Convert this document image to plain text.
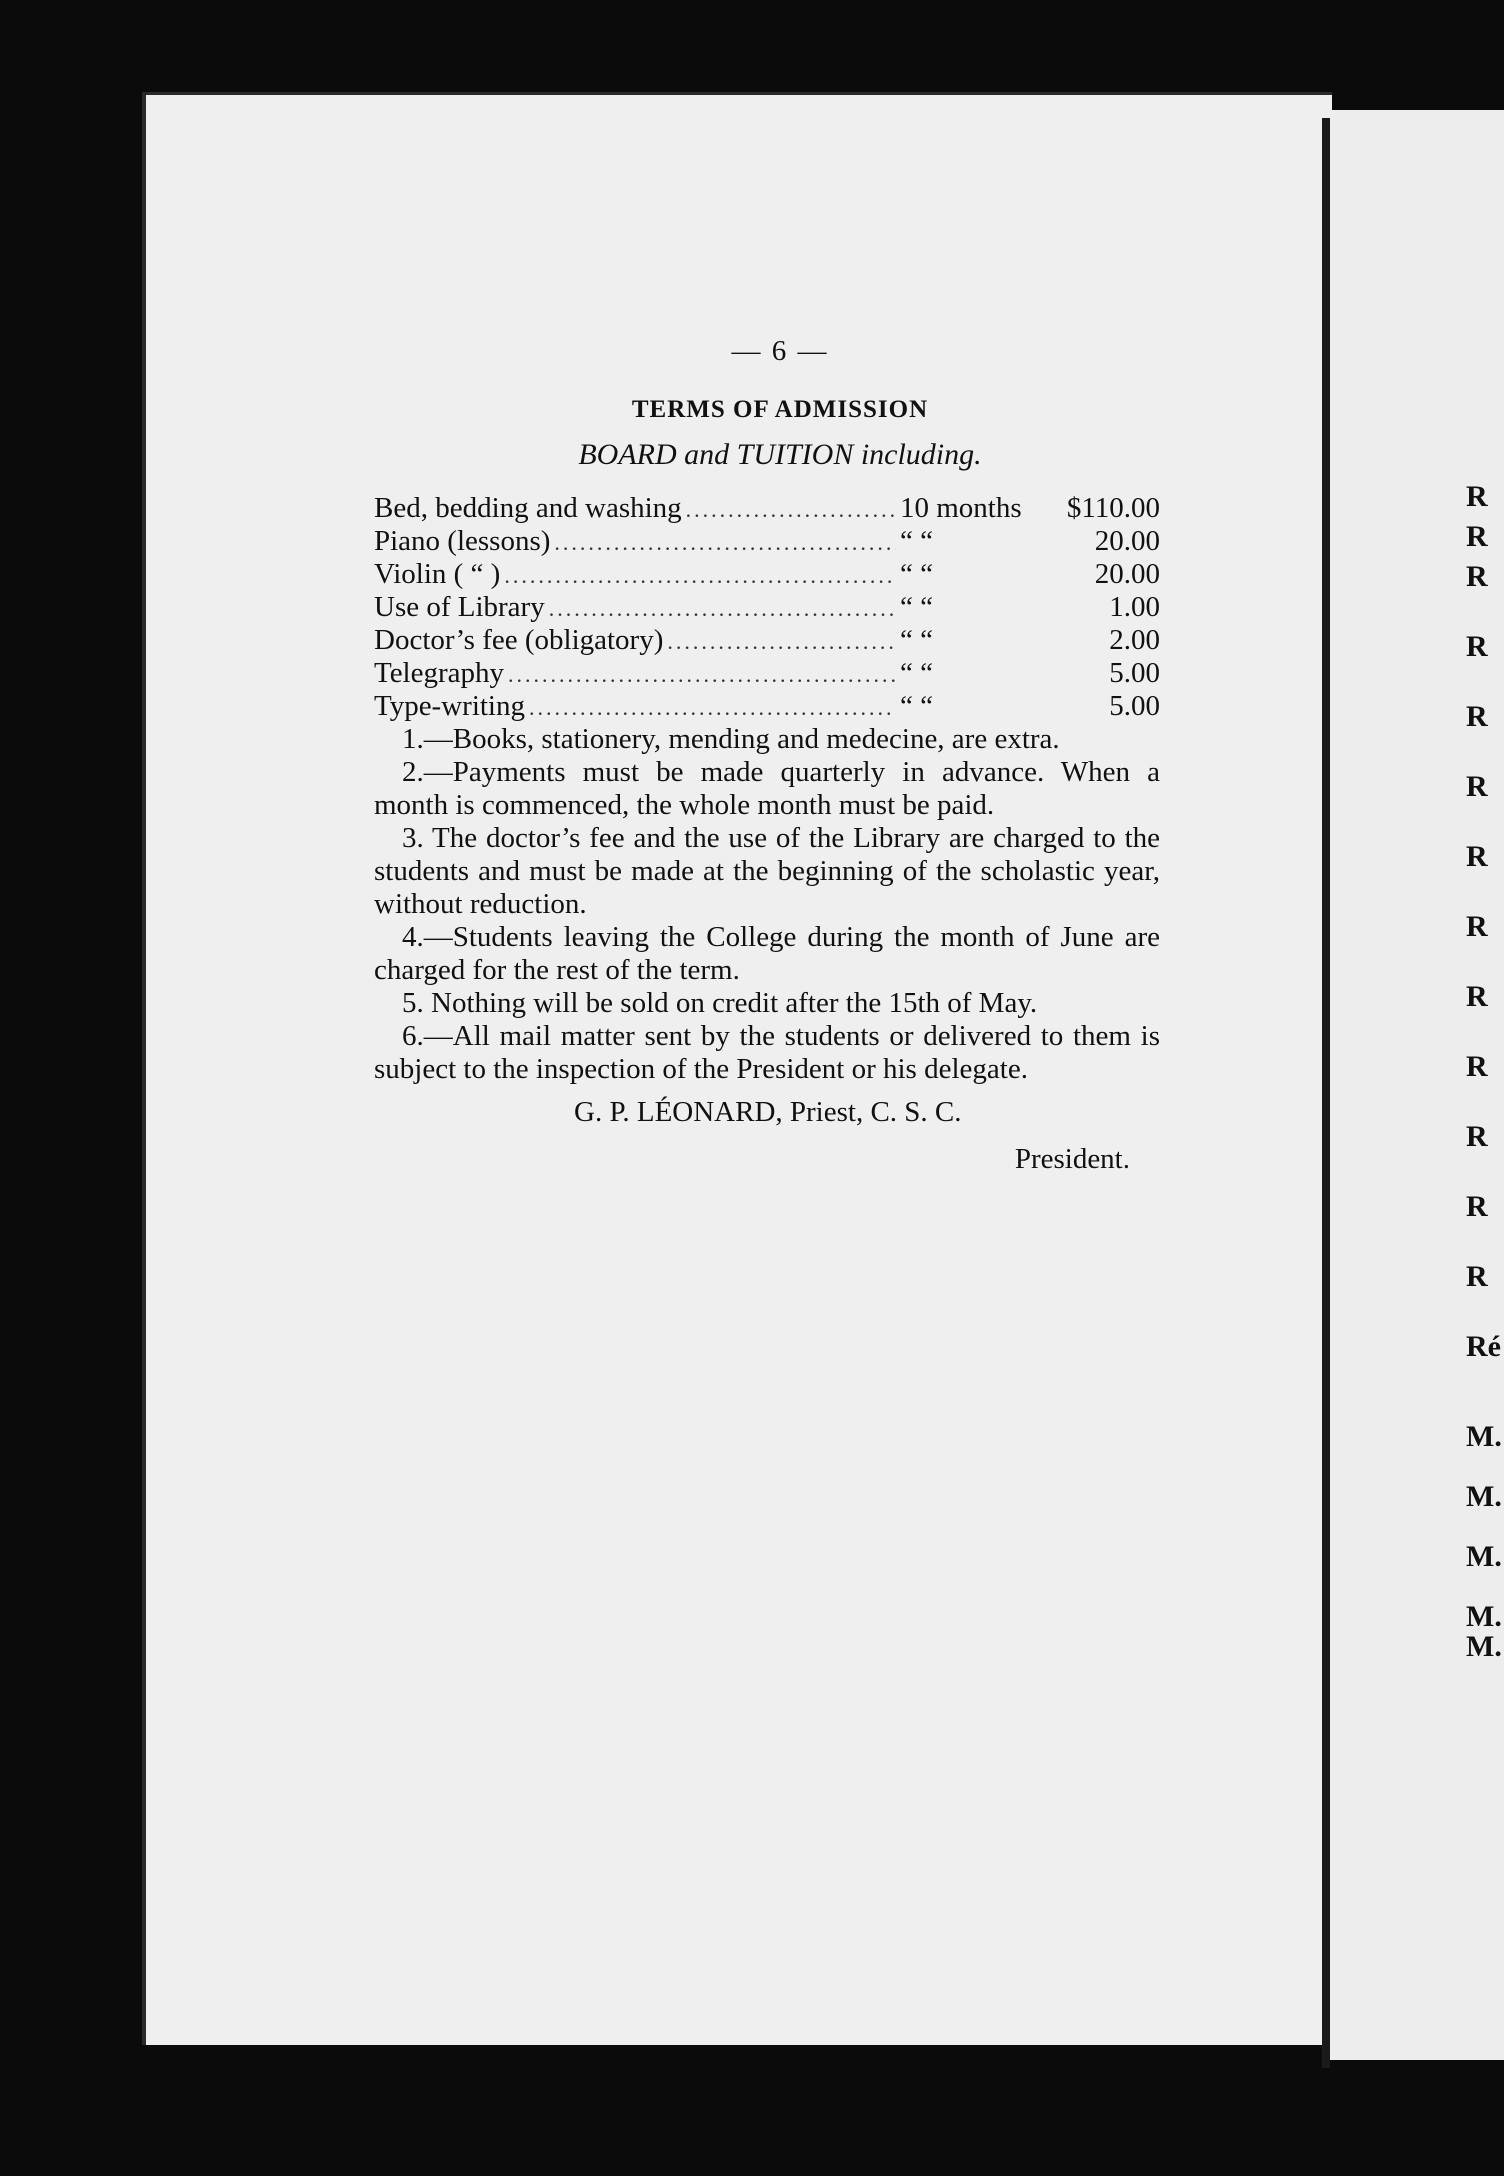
— 6 —
TERMS OF ADMISSION
BOARD and TUITION including.
Bed, bedding and washing .....	10 months	$110.00
Piano (lessons) .....	“ “	20.00
Violin ( “ ) .....	“ “	20.00
Use of Library .....	“ “	1.00
Doctor’s fee (obligatory) .....	“ “	2.00
Telegraphy .....	“ “	5.00
Type-writing .....	“ “	5.00

1.—Books, stationery, mending and medecine, are extra.

2.—Payments must be made quarterly in advance. When a month is commenced, the whole month must be paid.

3. The doctor’s fee and the use of the Library are charged to the students and must be made at the beginning of the scholastic year, without reduction.

4.—Students leaving the College during the month of June are charged for the rest of the term.

5. Nothing will be sold on credit after the 15th of May.

6.—All mail matter sent by the students or delivered to them is subject to the inspection of the President or his delegate.

G. P. LÉONARD, Priest, C. S. C.
President.
R
R
R
R
R
R
R
R
R
R
R
R
R
Ré
M.
M.
M.
M.
M.
